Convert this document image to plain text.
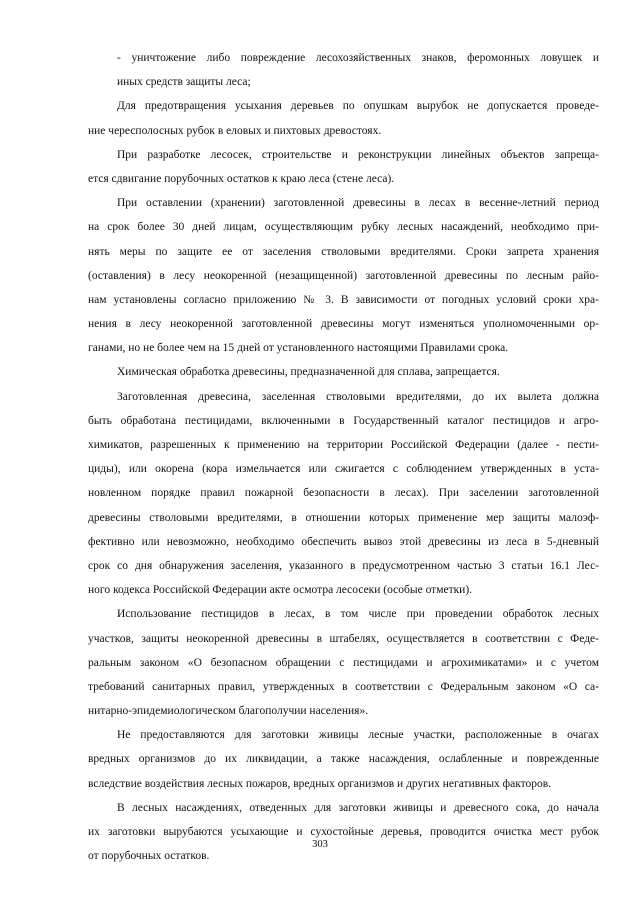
- уничтожение либо повреждение лесохозяйственных знаков, феромонных ловушек и
иных средств защиты леса;
Для предотвращения усыхания деревьев по опушкам вырубок не допускается проведе-
ние чересполосных рубок в еловых и пихтовых древостоях.
При разработке лесосек, строительстве и реконструкции линейных объектов запреща-
ется сдвигание порубочных остатков к краю леса (стене леса).
При оставлении (хранении) заготовленной древесины в лесах в весенне-летний период
на срок более 30 дней лицам, осуществляющим рубку лесных насаждений, необходимо при-
нять меры по защите ее от заселения стволовыми вредителями. Сроки запрета хранения
(оставления) в лесу неокоренной (незащищенной) заготовленной древесины по лесным райо-
нам установлены согласно приложению № 3. В зависимости от погодных условий сроки хра-
нения в лесу неокоренной заготовленной древесины могут изменяться уполномоченными ор-
ганами, но не более чем на 15 дней от установленного настоящими Правилами срока.
Химическая обработка древесины, предназначенной для сплава, запрещается.
Заготовленная древесина, заселенная стволовыми вредителями, до их вылета должна
быть обработана пестицидами, включенными в Государственный каталог пестицидов и агро-
химикатов, разрешенных к применению на территории Российской Федерации (далее - пести-
циды), или окорена (кора измельчается или сжигается с соблюдением утвержденных в уста-
новленном порядке правил пожарной безопасности в лесах). При заселении заготовленной
древесины стволовыми вредителями, в отношении которых применение мер защиты малоэф-
фективно или невозможно, необходимо обеспечить вывоз этой древесины из леса в 5-дневный
срок со дня обнаружения заселения, указанного в предусмотренном частью 3 статьи 16.1 Лес-
ного кодекса Российской Федерации акте осмотра лесосеки (особые отметки).
Использование пестицидов в лесах, в том числе при проведении обработок лесных
участков, защиты неокоренной древесины в штабелях, осуществляется в соответствии с Феде-
ральным законом «О безопасном обращении с пестицидами и агрохимикатами» и с учетом
требований санитарных правил, утвержденных в соответствии с Федеральным законом «О са-
нитарно-эпидемиологическом благополучии населения».
Не предоставляются для заготовки живицы лесные участки, расположенные в очагах
вредных организмов до их ликвидации, а также насаждения, ослабленные и поврежденные
вследствие воздействия лесных пожаров, вредных организмов и других негативных факторов.
В лесных насаждениях, отведенных для заготовки живицы и древесного сока, до начала
их заготовки вырубаются усыхающие и сухостойные деревья, проводится очистка мест рубок
от порубочных остатков.
303
